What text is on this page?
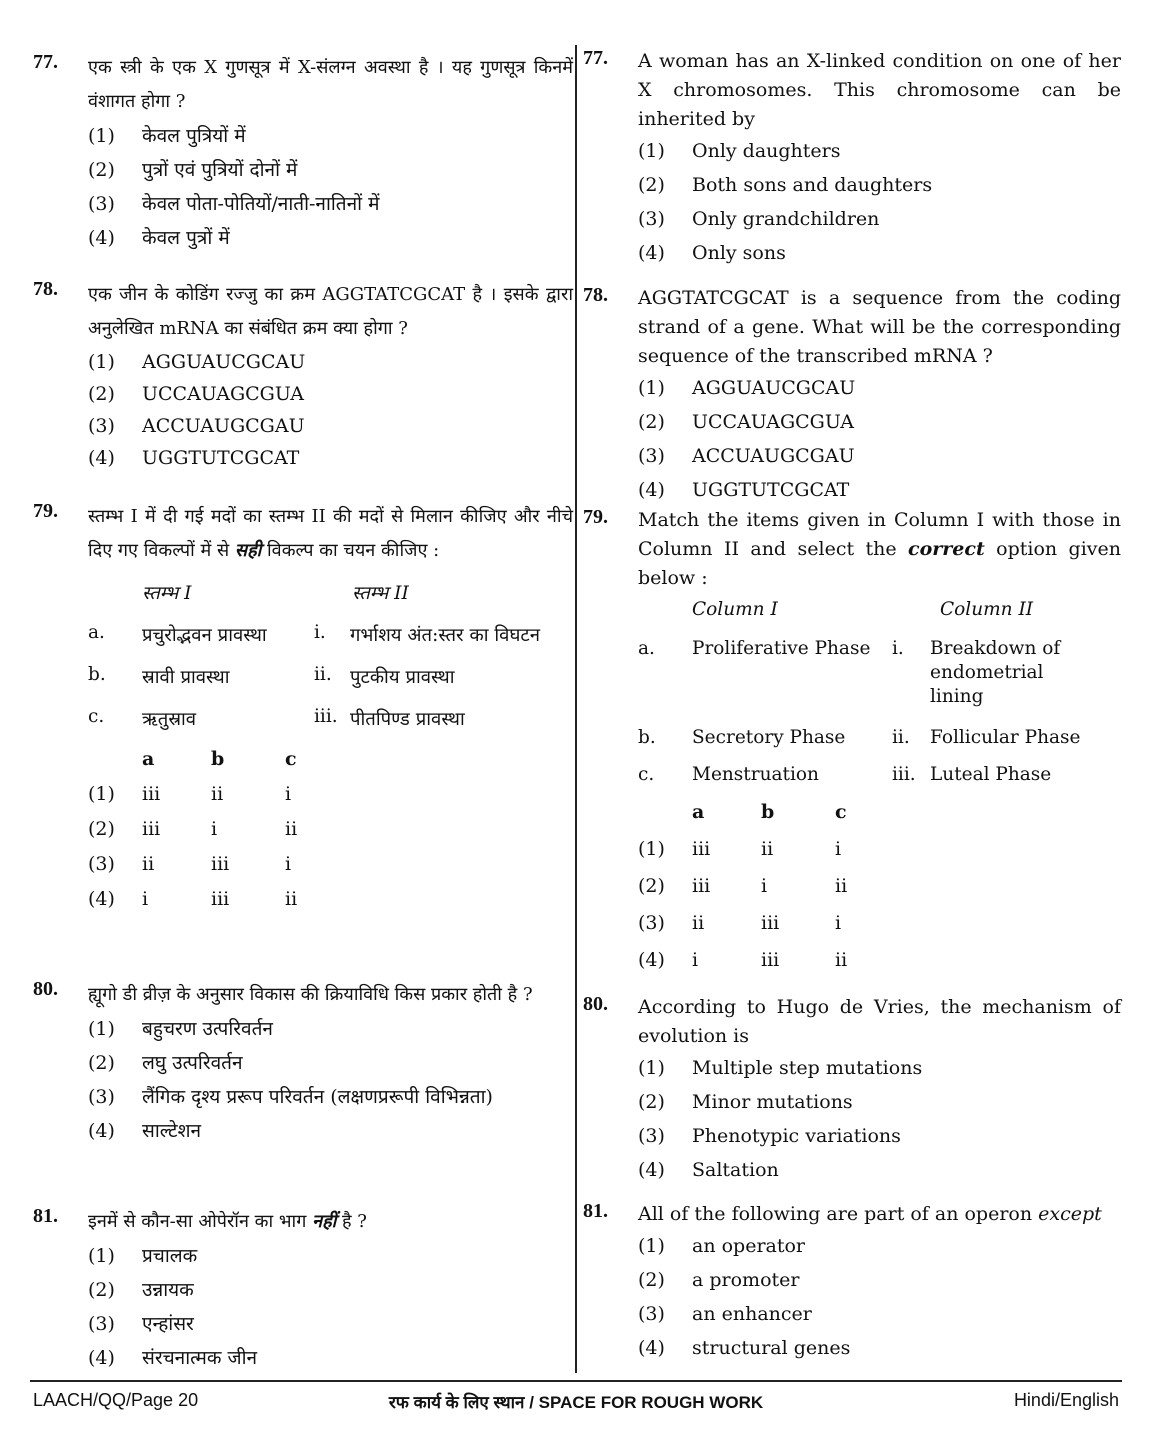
77. एक स्त्री के एक X गुणसूत्र में X-संलग्न अवस्था है । यह गुणसूत्र किनमें वंशागत होगा ?
(1)	केवल पुत्रियों में
(2)	पुत्रों एवं पुत्रियों दोनों में
(3)	केवल पोता-पोतियों/नाती-नातिनों में
(4)	केवल पुत्रों में
78. एक जीन के कोडिंग रज्जु का क्रम AGGTATCGCAT है । इसके द्वारा अनुलेखित mRNA का संबंधित क्रम क्या होगा ?
(1)	AGGUAUCGCAU
(2)	UCCAUAGCGUA
(3)	ACCUAUGCGAU
(4)	UGGTUTCGCAT
79. स्तम्भ I में दी गई मदों का स्तम्भ II की मदों से मिलान कीजिए और नीचे दिए गए विकल्पों में से सही विकल्प का चयन कीजिए :
स्तम्भ I	स्तम्भ II
a.	प्रचुरोद्भवन प्रावस्था	i.	गर्भाशय अंत:स्तर का विघटन
b.	स्रावी प्रावस्था	ii. पुटकीय प्रावस्था
c.	ऋतुस्राव	iii. पीतपिण्ड प्रावस्था
a	b	c
(1)	iii	ii	i
(2)	iii	i	ii
(3)	ii	iii	i
(4)	i	iii	ii
80. ह्यूगो डी व्रीज़ के अनुसार विकास की क्रियाविधि किस प्रकार होती है ?
(1)	बहुचरण उत्परिवर्तन
(2)	लघु उत्परिवर्तन
(3)	लैंगिक दृश्य प्ररूप परिवर्तन (लक्षणप्ररूपी विभिन्नता)
(4)	साल्टेशन
81. इनमें से कौन-सा ओपेरॉन का भाग नहीं है ?
(1)	प्रचालक
(2)	उन्नायक
(3)	एन्हांसर
(4)	संरचनात्मक जीन
77. A woman has an X-linked condition on one of her X chromosomes. This chromosome can be inherited by
(1)	Only daughters
(2)	Both sons and daughters
(3)	Only grandchildren
(4)	Only sons
78. AGGTATCGCAT is a sequence from the coding strand of a gene. What will be the corresponding sequence of the transcribed mRNA ?
(1)	AGGUAUCGCAU
(2)	UCCAUAGCGUA
(3)	ACCUAUGCGAU
(4)	UGGTUTCGCAT
79. Match the items given in Column I with those in Column II and select the correct option given below :
Column I	Column II
a.	Proliferative Phase	i.	Breakdown of endometrial lining
b.	Secretory Phase	ii.	Follicular Phase
c.	Menstruation	iii. Luteal Phase
a	b	c
(1)	iii	ii	i
(2)	iii	i	ii
(3)	ii	iii	i
(4)	i	iii	ii
80. According to Hugo de Vries, the mechanism of evolution is
(1)	Multiple step mutations
(2)	Minor mutations
(3)	Phenotypic variations
(4)	Saltation
81. All of the following are part of an operon except
(1)	an operator
(2)	a promoter
(3)	an enhancer
(4)	structural genes
LAACH/QQ/Page 20	रफ कार्य के लिए स्थान / SPACE FOR ROUGH WORK	Hindi/English
